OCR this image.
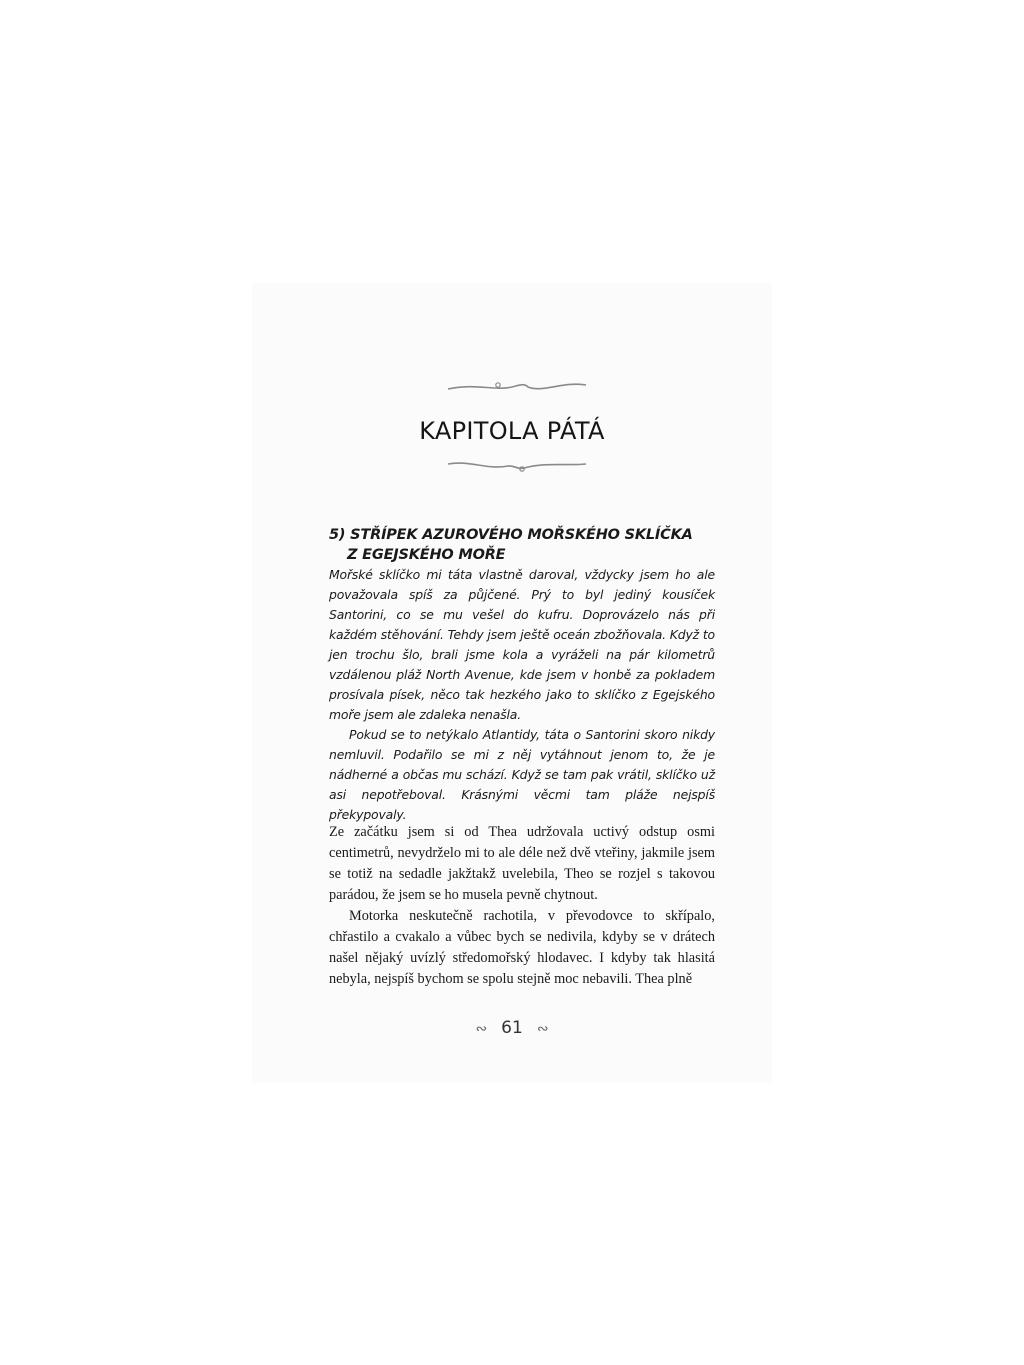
KAPITOLA PÁTÁ
5) STŘÍPEK AZUROVÉHO MOŘSKÉHO SKLÍČKA
Z EGEJSKÉHO MOŘE

Mořské sklíčko mi táta vlastně daroval, vždycky jsem ho ale považovala spíš za půjčené. Prý to byl jediný kousíček Santorini, co se mu vešel do kufru. Doprovázelo nás při každém stěhování. Tehdy jsem ještě oceán zbožňovala. Když to jen trochu šlo, brali jsme kola a vyráželi na pár kilometrů vzdálenou pláž North Avenue, kde jsem v honbě za pokladem prosívala písek, něco tak hezkého jako to sklíčko z Egejského moře jsem ale zdaleka nenašla.

Pokud se to netýkalo Atlantidy, táta o Santorini skoro nikdy nemluvil. Podařilo se mi z něj vytáhnout jenom to, že je nádherné a občas mu schází. Když se tam pak vrátil, sklíčko už asi nepotřeboval. Krásnými věcmi tam pláže nejspíš překypovaly.

Ze začátku jsem si od Thea udržovala uctivý odstup osmi centimetrů, nevydrželo mi to ale déle než dvě vteřiny, jakmile jsem se totiž na sedadle jakžtakž uvelebila, Theo se rozjel s takovou parádou, že jsem se ho musela pevně chytnout.

Motorka neskutečně rachotila, v převodovce to skřípalo, chřastilo a cvakalo a vůbec bych se nedivila, kdyby se v drátech našel nějaký uvízlý středomořský hlodavec. I kdyby tak hlasitá nebyla, nejspíš bychom se spolu stejně moc nebavili. Thea plně

∾ 61 ∾
